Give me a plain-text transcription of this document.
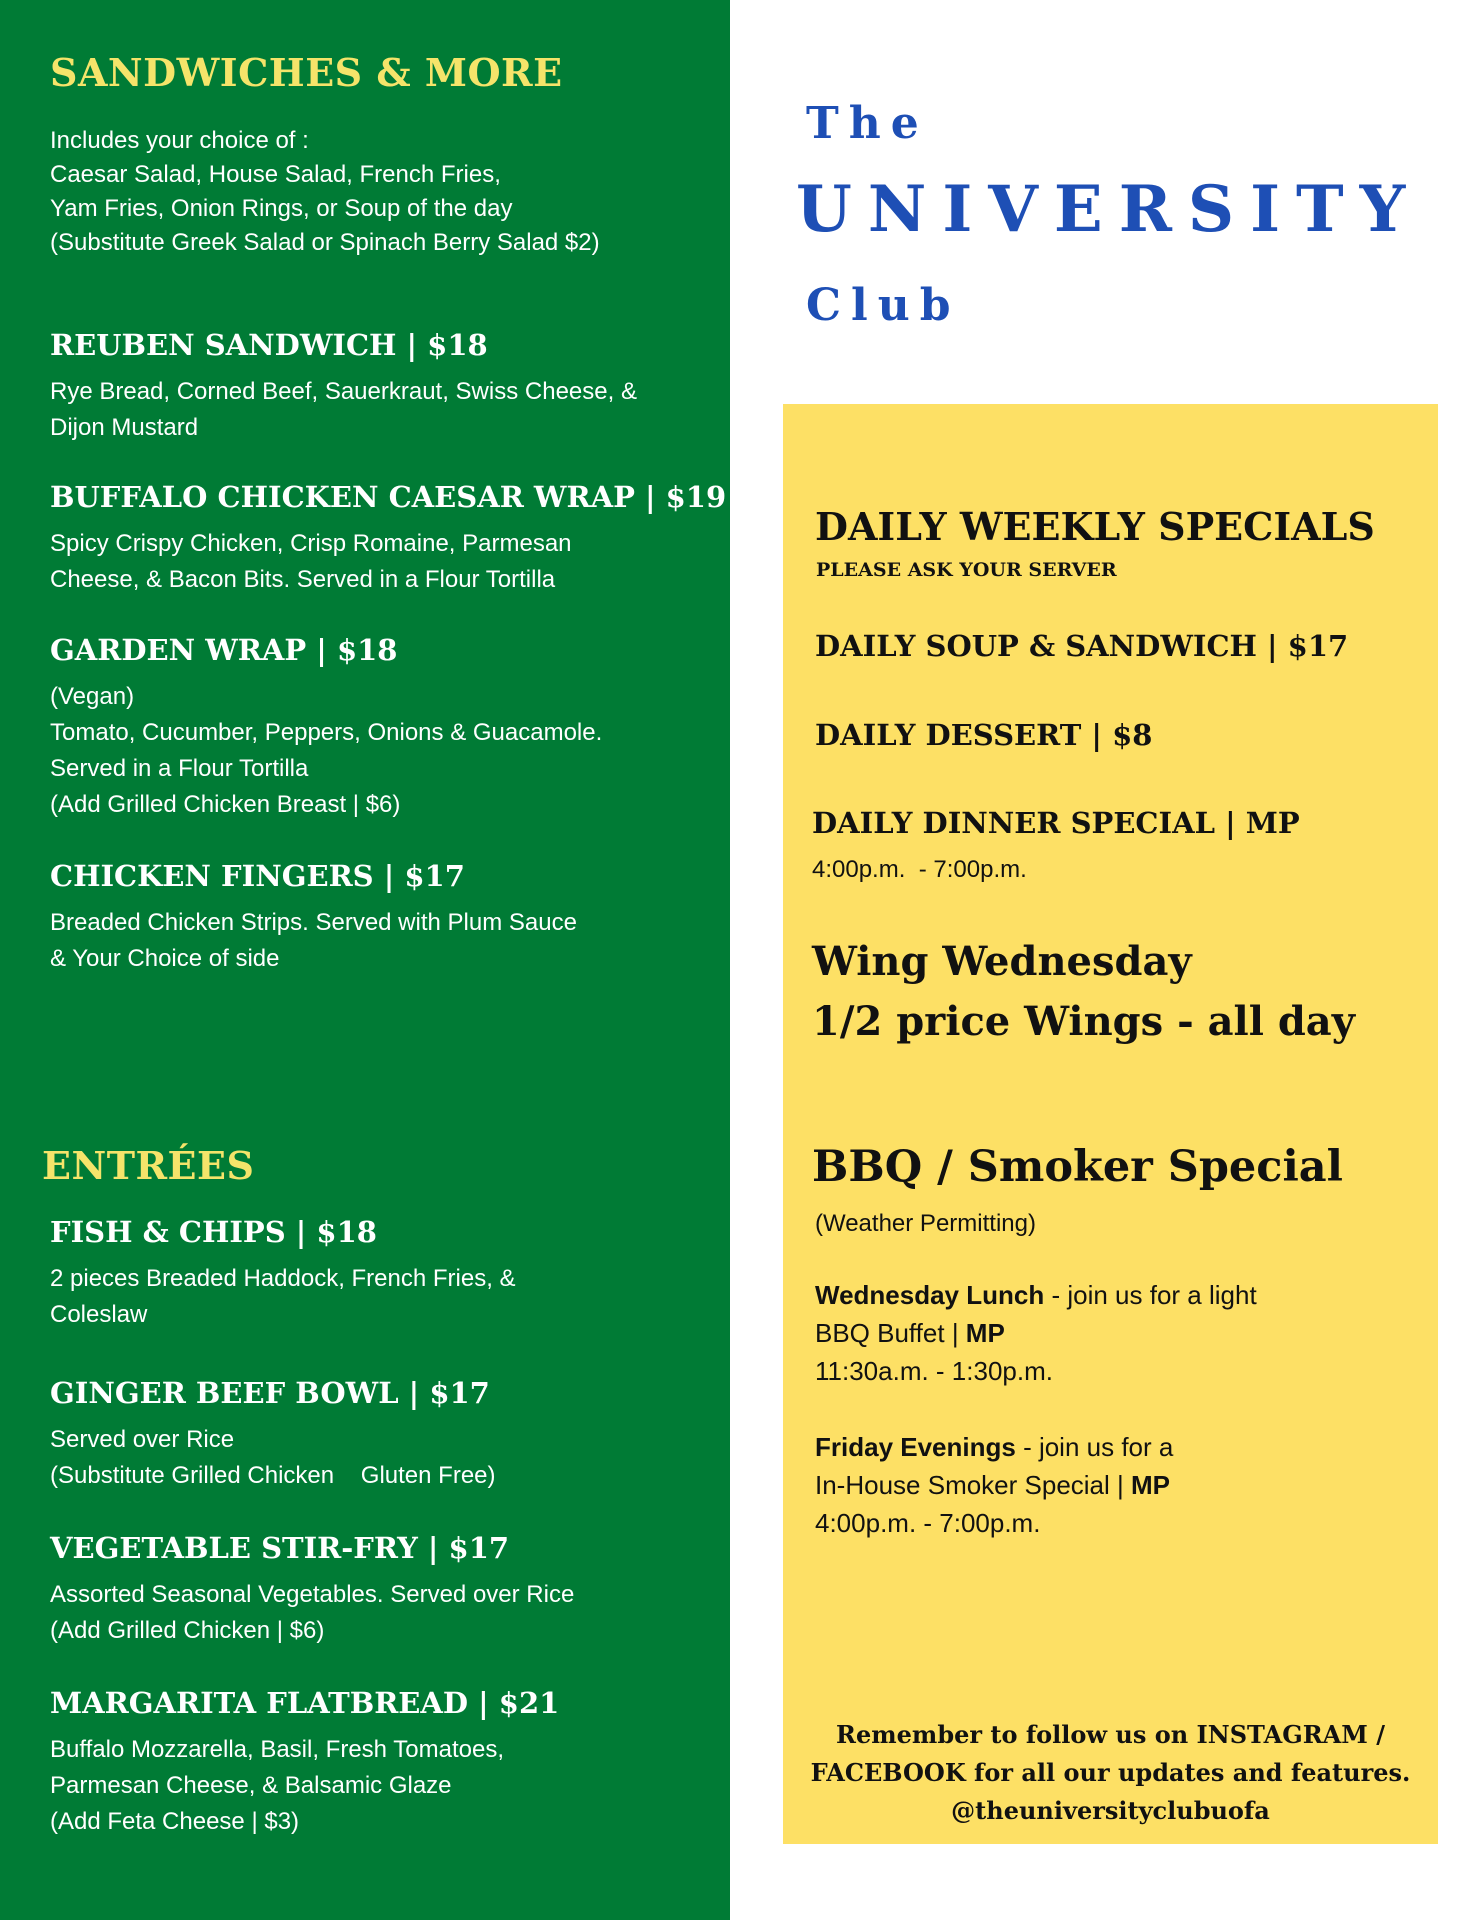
SANDWICHES & MORE
Includes your choice of :
Caesar Salad, House Salad, French Fries,
Yam Fries, Onion Rings, or Soup of the day
(Substitute Greek Salad or Spinach Berry Salad $2)
REUBEN SANDWICH | $18
Rye Bread, Corned Beef, Sauerkraut, Swiss Cheese, &
Dijon Mustard
BUFFALO CHICKEN CAESAR WRAP | $19
Spicy Crispy Chicken, Crisp Romaine, Parmesan
Cheese, & Bacon Bits. Served in a Flour Tortilla
GARDEN WRAP | $18
(Vegan)
Tomato, Cucumber, Peppers, Onions & Guacamole.
Served in a Flour Tortilla
(Add Grilled Chicken Breast | $6)
CHICKEN FINGERS | $17
Breaded Chicken Strips. Served with Plum Sauce
& Your Choice of side
ENTRÉES
FISH & CHIPS | $18
2 pieces Breaded Haddock, French Fries, &
Coleslaw
GINGER BEEF BOWL | $17
Served over Rice
(Substitute Grilled Chicken    Gluten Free)
VEGETABLE STIR-FRY | $17
Assorted Seasonal Vegetables. Served over Rice
(Add Grilled Chicken | $6)
MARGARITA FLATBREAD | $21
Buffalo Mozzarella, Basil, Fresh Tomatoes,
Parmesan Cheese, & Balsamic Glaze
(Add Feta Cheese | $3)
The
UNIVERSITY
Club
DAILY WEEKLY SPECIALS
PLEASE ASK YOUR SERVER
DAILY SOUP & SANDWICH | $17
DAILY DESSERT | $8
DAILY DINNER SPECIAL | MP
4:00p.m.  - 7:00p.m.
Wing Wednesday
1/2 price Wings - all day
BBQ / Smoker Special
(Weather Permitting)
Wednesday Lunch - join us for a light
BBQ Buffet | MP
11:30a.m. - 1:30p.m.
Friday Evenings - join us for a
In-House Smoker Special | MP
4:00p.m. - 7:00p.m.
Remember to follow us on INSTAGRAM /
FACEBOOK for all our updates and features.
@theuniversityclubuofa
